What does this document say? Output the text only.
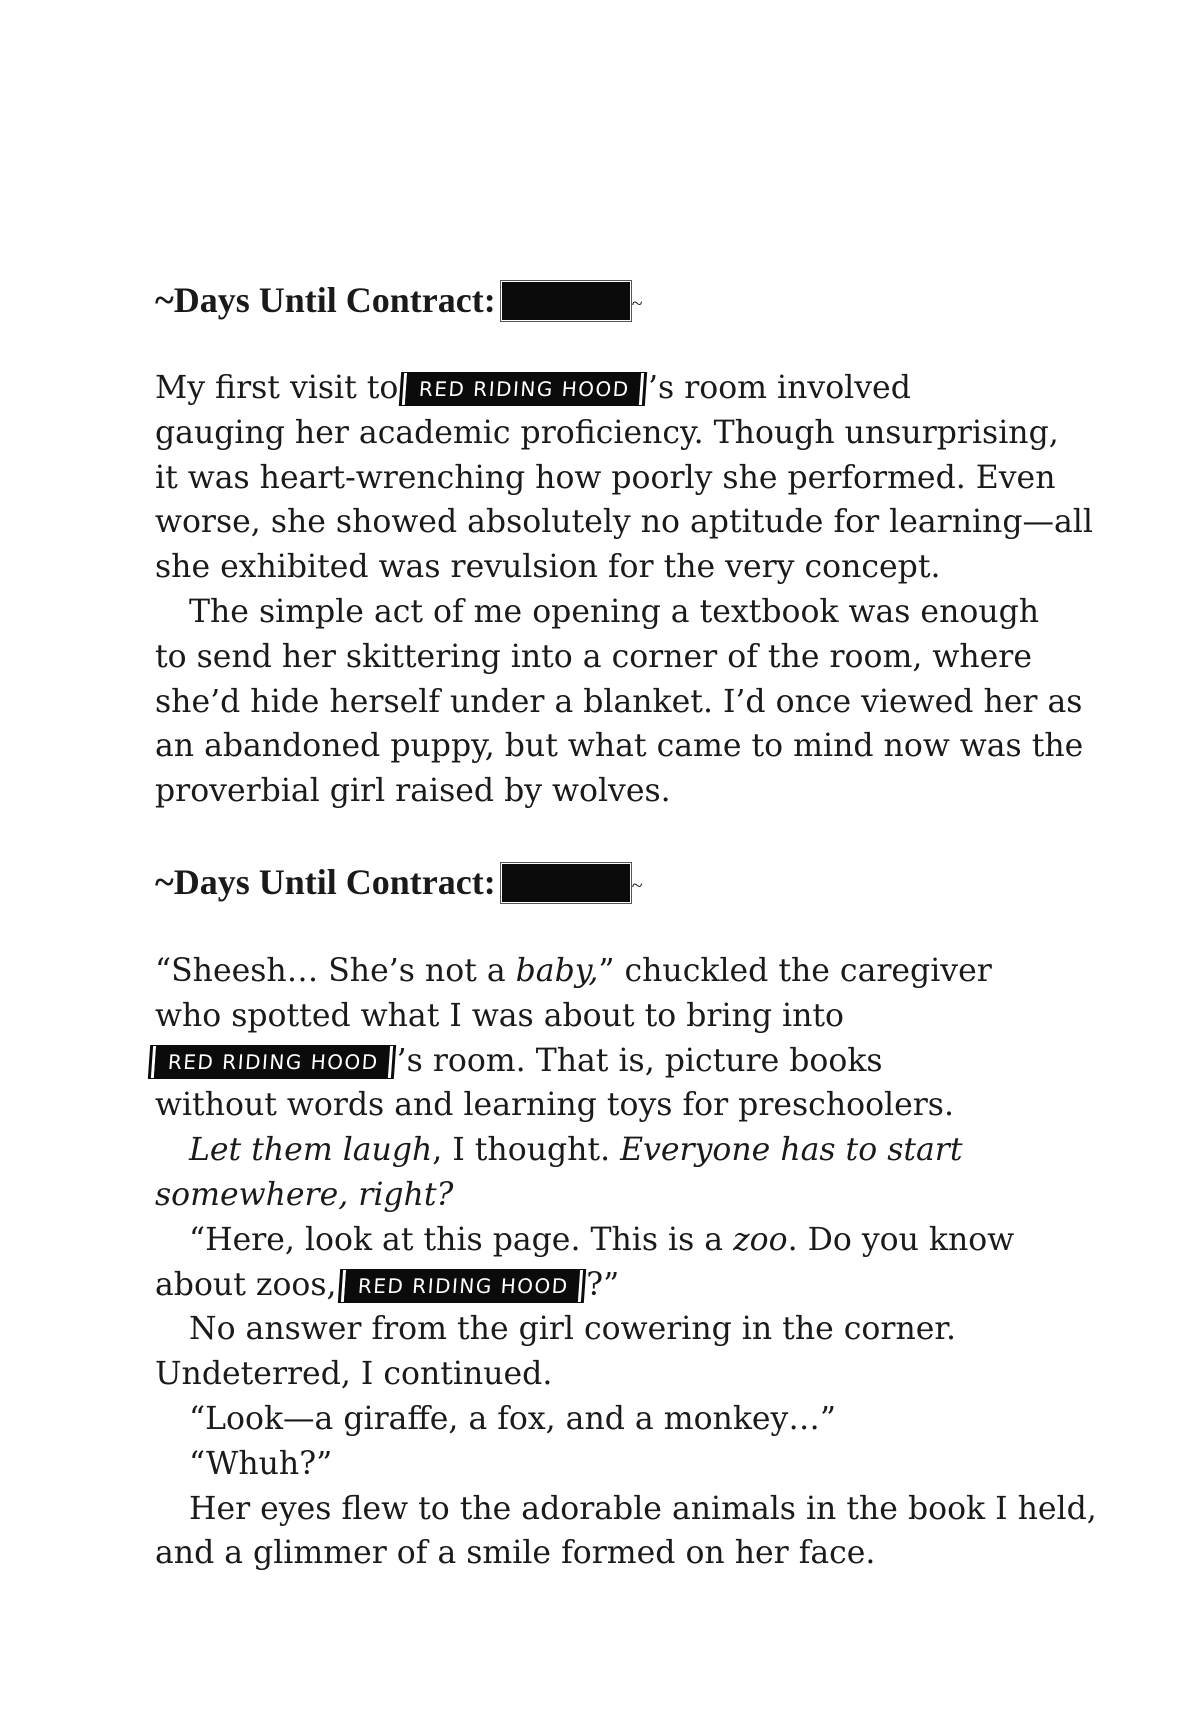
~Days Until Contract:	~
My first visit to RED RIDING HOOD ’s room involved
gauging her academic proficiency. Though unsurprising,
it was heart-wrenching how poorly she performed. Even
worse, she showed absolutely no aptitude for learning—all
she exhibited was revulsion for the very concept.
The simple act of me opening a textbook was enough
to send her skittering into a corner of the room, where
she’d hide herself under a blanket. I’d once viewed her as
an abandoned puppy, but what came to mind now was the
proverbial girl raised by wolves.
~Days Until Contract:	~
“Sheesh… She’s not a baby,” chuckled the caregiver
who spotted what I was about to bring into
RED RIDING HOOD ’s room. That is, picture books
without words and learning toys for preschoolers.
Let them laugh, I thought. Everyone has to start
somewhere, right?
“Here, look at this page. This is a zoo. Do you know
about zoos, RED RIDING HOOD ?”
No answer from the girl cowering in the corner.
Undeterred, I continued.
“Look—a giraffe, a fox, and a monkey…”
“Whuh?”
Her eyes flew to the adorable animals in the book I held,
and a glimmer of a smile formed on her face.
